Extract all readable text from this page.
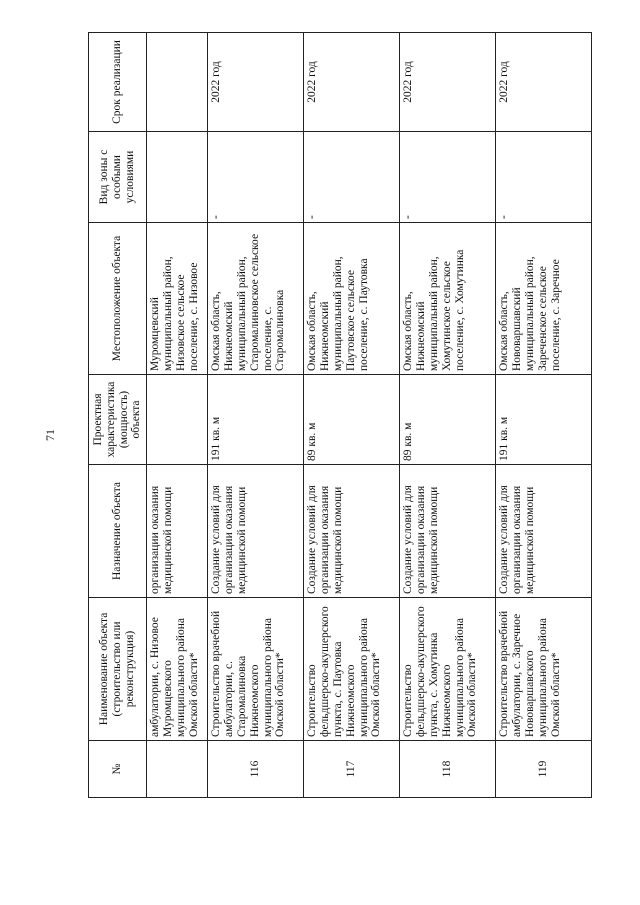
71
№	Наименование объекта (строительство или реконструкция)	Назначение объекта	Проектная характеристика (мощность) объекта	Местоположение объекта	Вид зоны с особыми условиями	Срок реализации
	амбулатории, с. Низовое Муромцевского муниципального района Омской области*	организации оказания медицинской помощи		Муромцевский муниципальный район, Низовское сельское поселение, с. Низовое		
116	Строительство врачебной амбулатории, с. Старомалиновка Нижнеомского муниципального района Омской области*	Создание условий для организации оказания медицинской помощи	191 кв. м	Омская область, Нижнеомский муниципальный район, Старомалиновское сельское поселение, с. Старомалиновка	-	2022 год
117	Строительство фельдшерско-акушерского пункта, с. Паутовка Нижнеомского муниципального района Омской области*	Создание условий для организации оказания медицинской помощи	89 кв. м	Омская область, Нижнеомский муниципальный район, Паутовское сельское поселение, с. Паутовка	-	2022 год
118	Строительство фельдшерско-акушерского пункта, с. Хомутинка Нижнеомского муниципального района Омской области*	Создание условий для организации оказания медицинской помощи	89 кв. м	Омская область, Нижнеомский муниципальный район, Хомутинское сельское поселение, с. Хомутинка	-	2022 год
119	Строительство врачебной амбулатории, с. Заречное Нововаршавского муниципального района Омской области*	Создание условий для организации оказания медицинской помощи	191 кв. м	Омская область, Нововаршавский муниципальный район, Зареченское сельское поселение, с. Заречное	-	2022 год
